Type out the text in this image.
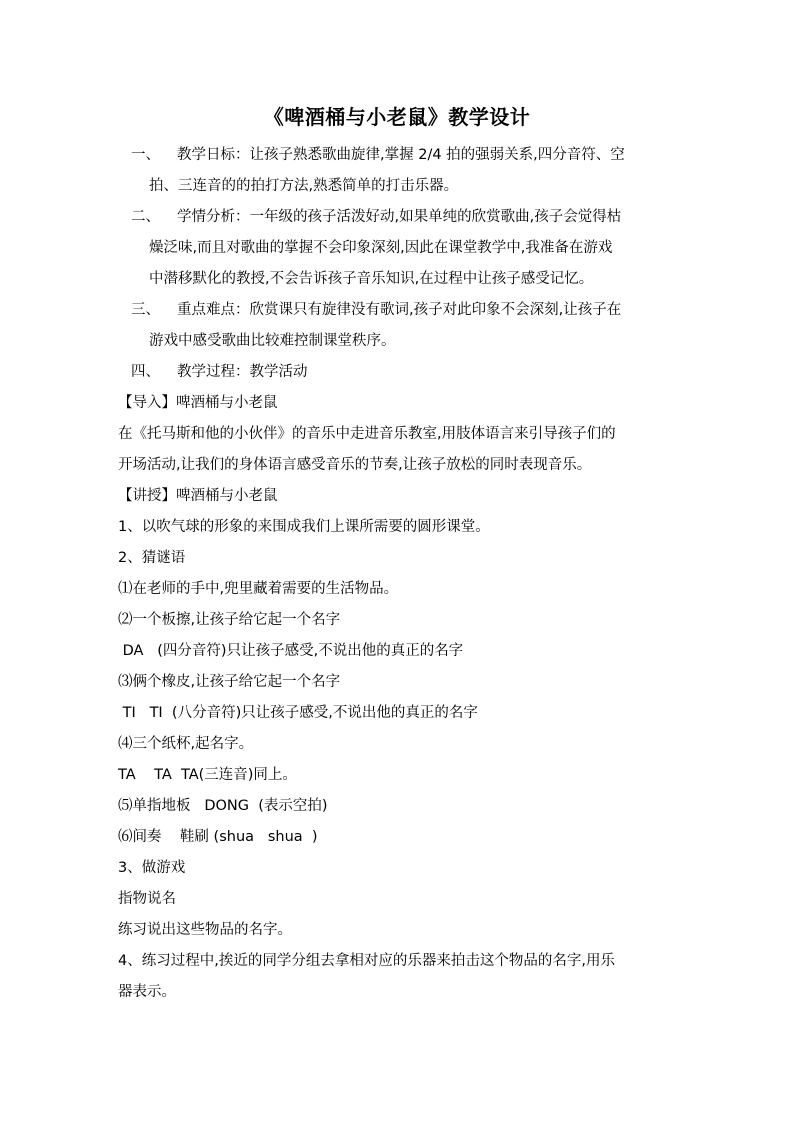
《啤酒桶与小老鼠》教学设计
一、 教学日标：让孩子熟悉歌曲旋律,掌握 2/4 拍的强弱关系,四分音符、空
拍、三连音的的拍打方法,熟悉简单的打击乐器。
二、 学情分析：一年级的孩子活泼好动,如果单纯的欣赏歌曲,孩子会觉得枯
燥泛味,而且对歌曲的掌握不会印象深刻,因此在课堂教学中,我准备在游戏
中潜移默化的教授,不会告诉孩子音乐知识,在过程中让孩子感受记忆。
三、 重点难点：欣赏课只有旋律没有歌词,孩子对此印象不会深刻,让孩子在
游戏中感受歌曲比较难控制课堂秩序。
四、 教学过程：教学活动
【导入】啤酒桶与小老鼠
在《托马斯和他的小伙伴》的音乐中走进音乐教室,用肢体语言来引导孩子们的
开场活动,让我们的身体语言感受音乐的节奏,让孩子放松的同时表现音乐。
【讲授】啤酒桶与小老鼠
1、以吹气球的形象的来围成我们上课所需要的圆形课堂。
2、猜谜语
⑴在老师的手中,兜里藏着需要的生活物品。
⑵一个板擦,让孩子给它起一个名字
DA   (四分音符)只让孩子感受,不说出他的真正的名字
⑶俩个橡皮,让孩子给它起一个名字
TI   TI  (八分音符)只让孩子感受,不说出他的真正的名字
⑷三个纸杯,起名字。
TA    TA  TA(三连音)同上。
⑸单指地板   DONG  (表示空拍)
⑹间奏    鞋刷 (shua   shua  )
3、做游戏
指物说名
练习说出这些物品的名字。
4、练习过程中,挨近的同学分组去拿相对应的乐器来拍击这个物品的名字,用乐
器表示。
